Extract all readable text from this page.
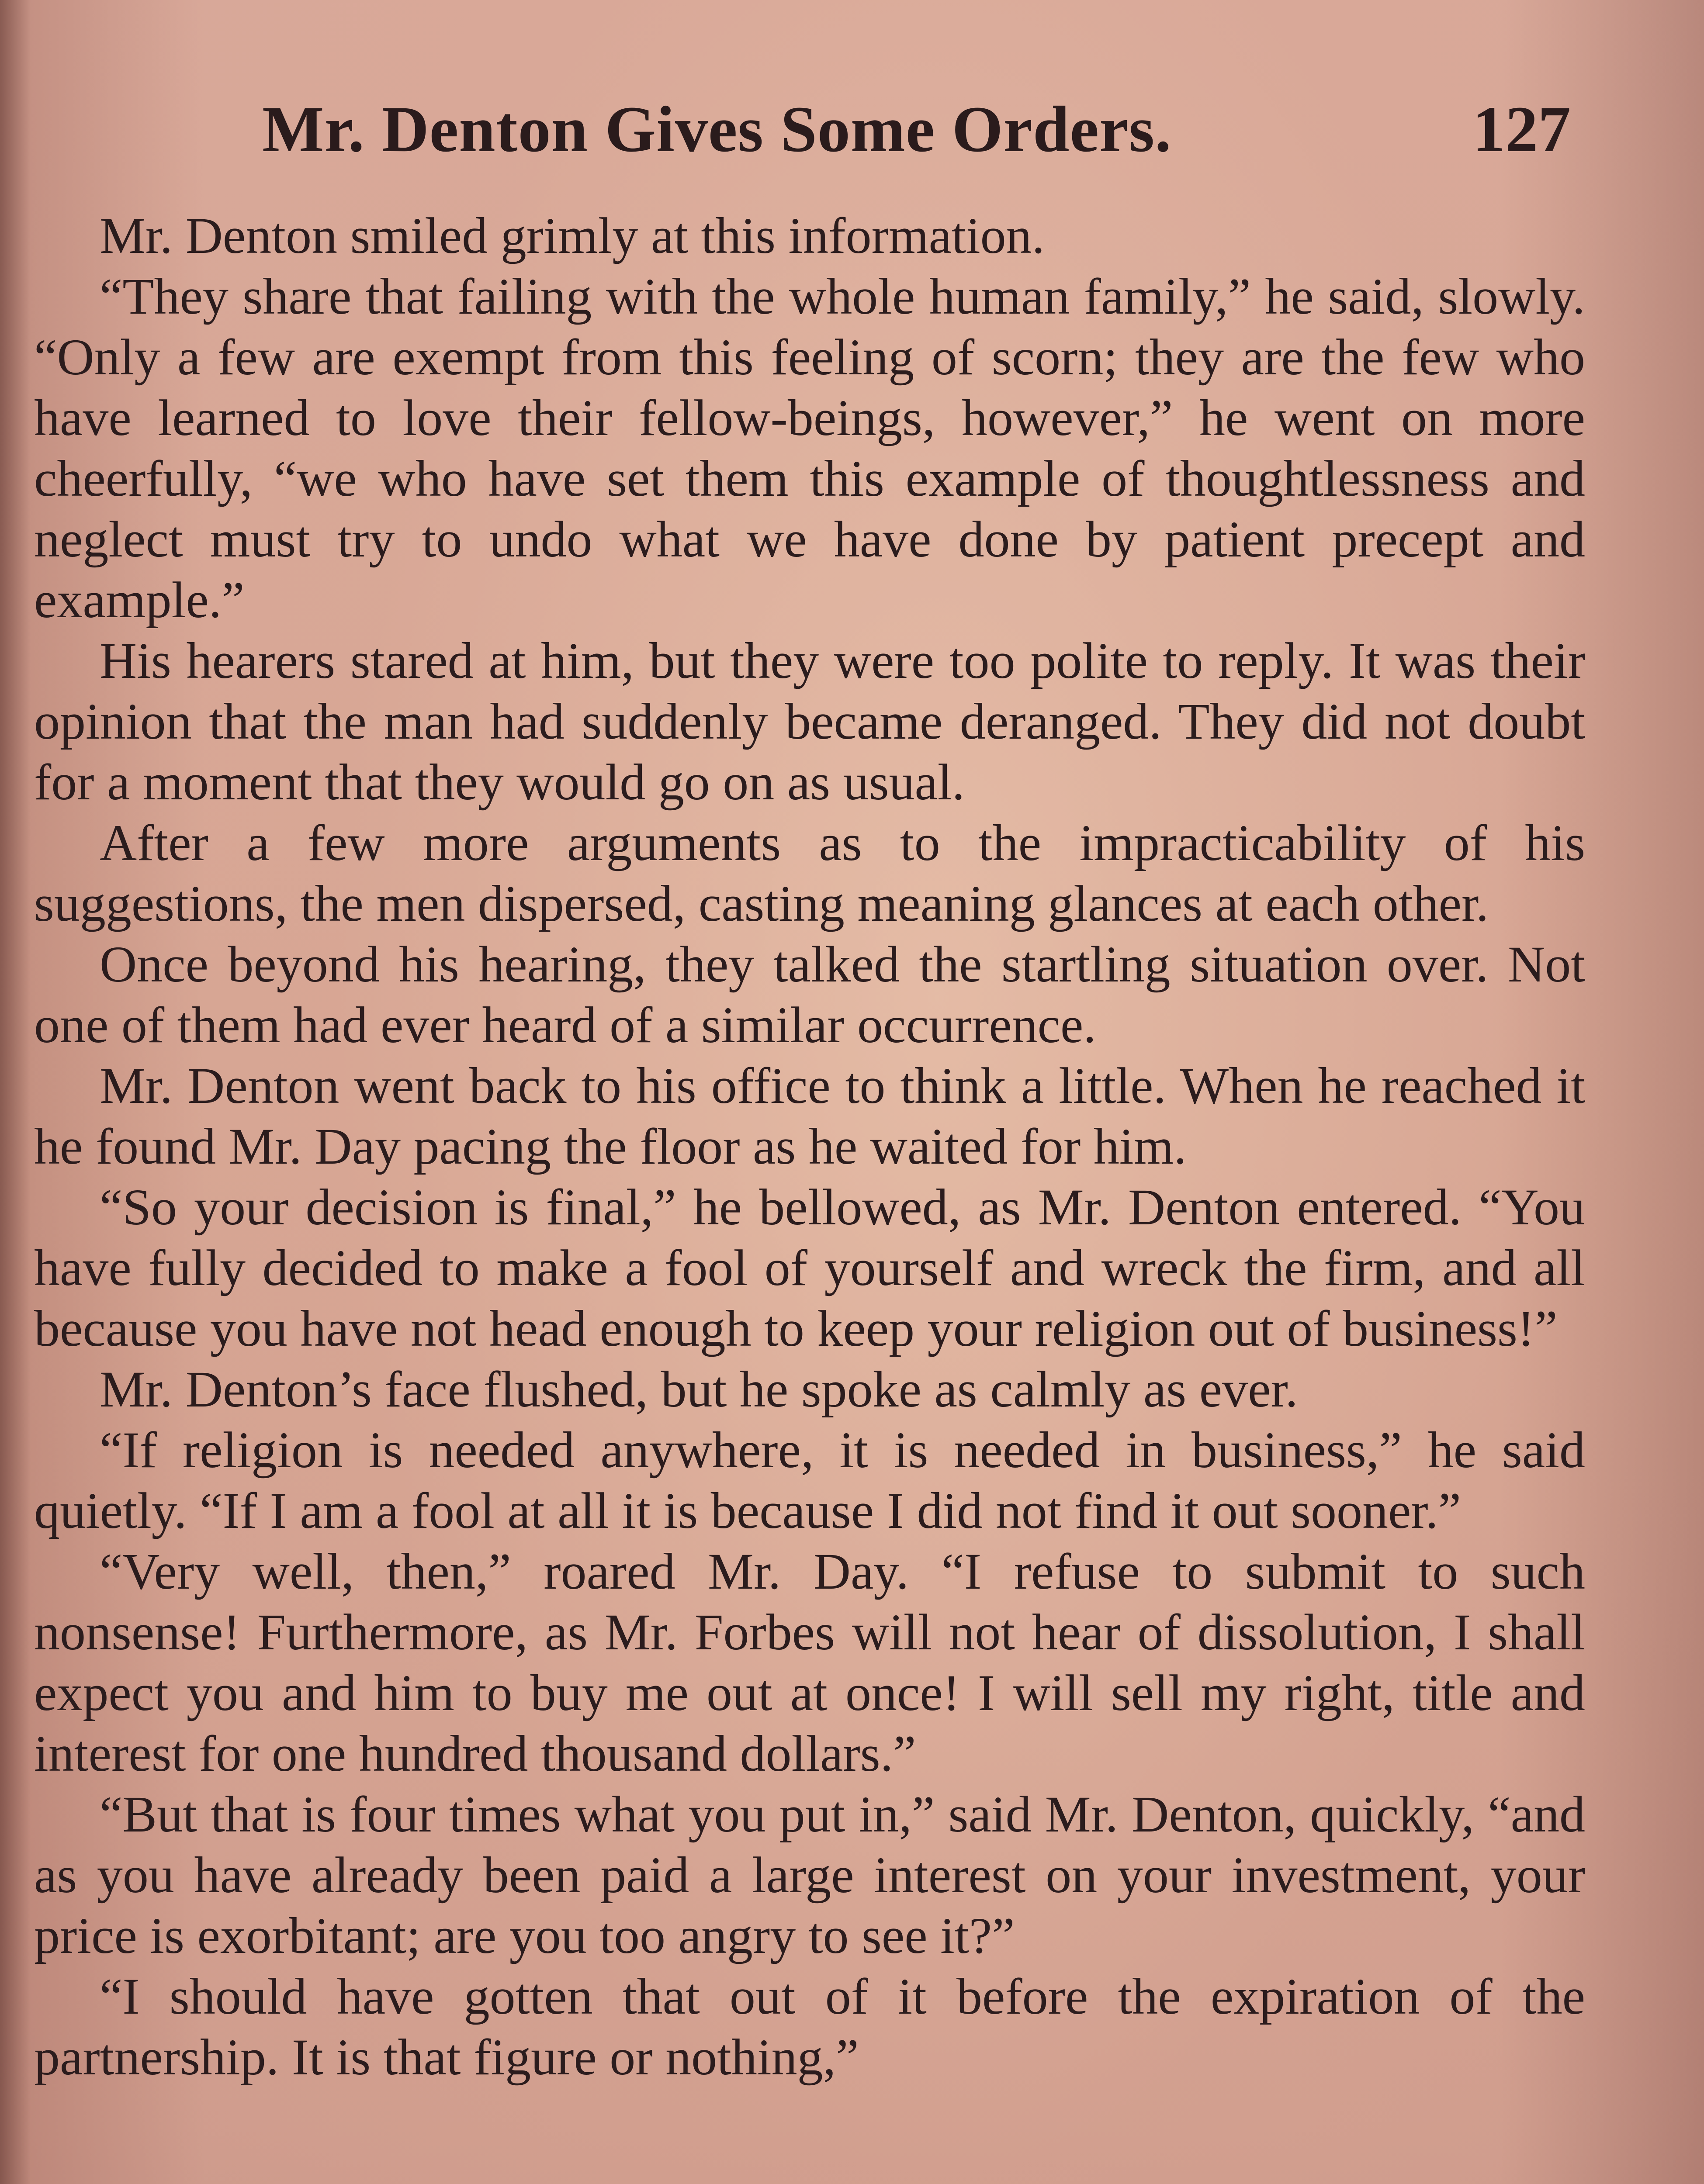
Mr. Denton Gives Some Orders.	127

Mr. Denton smiled grimly at this information.

“They share that failing with the whole human family,” he said, slowly. “Only a few are exempt from this feeling of scorn; they are the few who have learned to love their fellow-beings, however,” he went on more cheerfully, “we who have set them this example of thoughtlessness and neglect must try to undo what we have done by patient precept and example.”

His hearers stared at him, but they were too polite to reply. It was their opinion that the man had suddenly became deranged. They did not doubt for a moment that they would go on as usual.

After a few more arguments as to the impracticability of his suggestions, the men dispersed, casting meaning glances at each other.

Once beyond his hearing, they talked the startling situation over. Not one of them had ever heard of a similar occurrence.

Mr. Denton went back to his office to think a little. When he reached it he found Mr. Day pacing the floor as he waited for him.

“So your decision is final,” he bellowed, as Mr. Denton entered. “You have fully decided to make a fool of yourself and wreck the firm, and all because you have not head enough to keep your religion out of business!”

Mr. Denton’s face flushed, but he spoke as calmly as ever.

“If religion is needed anywhere, it is needed in business,” he said quietly. “If I am a fool at all it is because I did not find it out sooner.”

“Very well, then,” roared Mr. Day. “I refuse to submit to such nonsense! Furthermore, as Mr. Forbes will not hear of dissolution, I shall expect you and him to buy me out at once! I will sell my right, title and interest for one hundred thousand dollars.”

“But that is four times what you put in,” said Mr. Denton, quickly, “and as you have already been paid a large interest on your investment, your price is exorbitant; are you too angry to see it?”

“I should have gotten that out of it before the expiration of the partnership. It is that figure or nothing,”
